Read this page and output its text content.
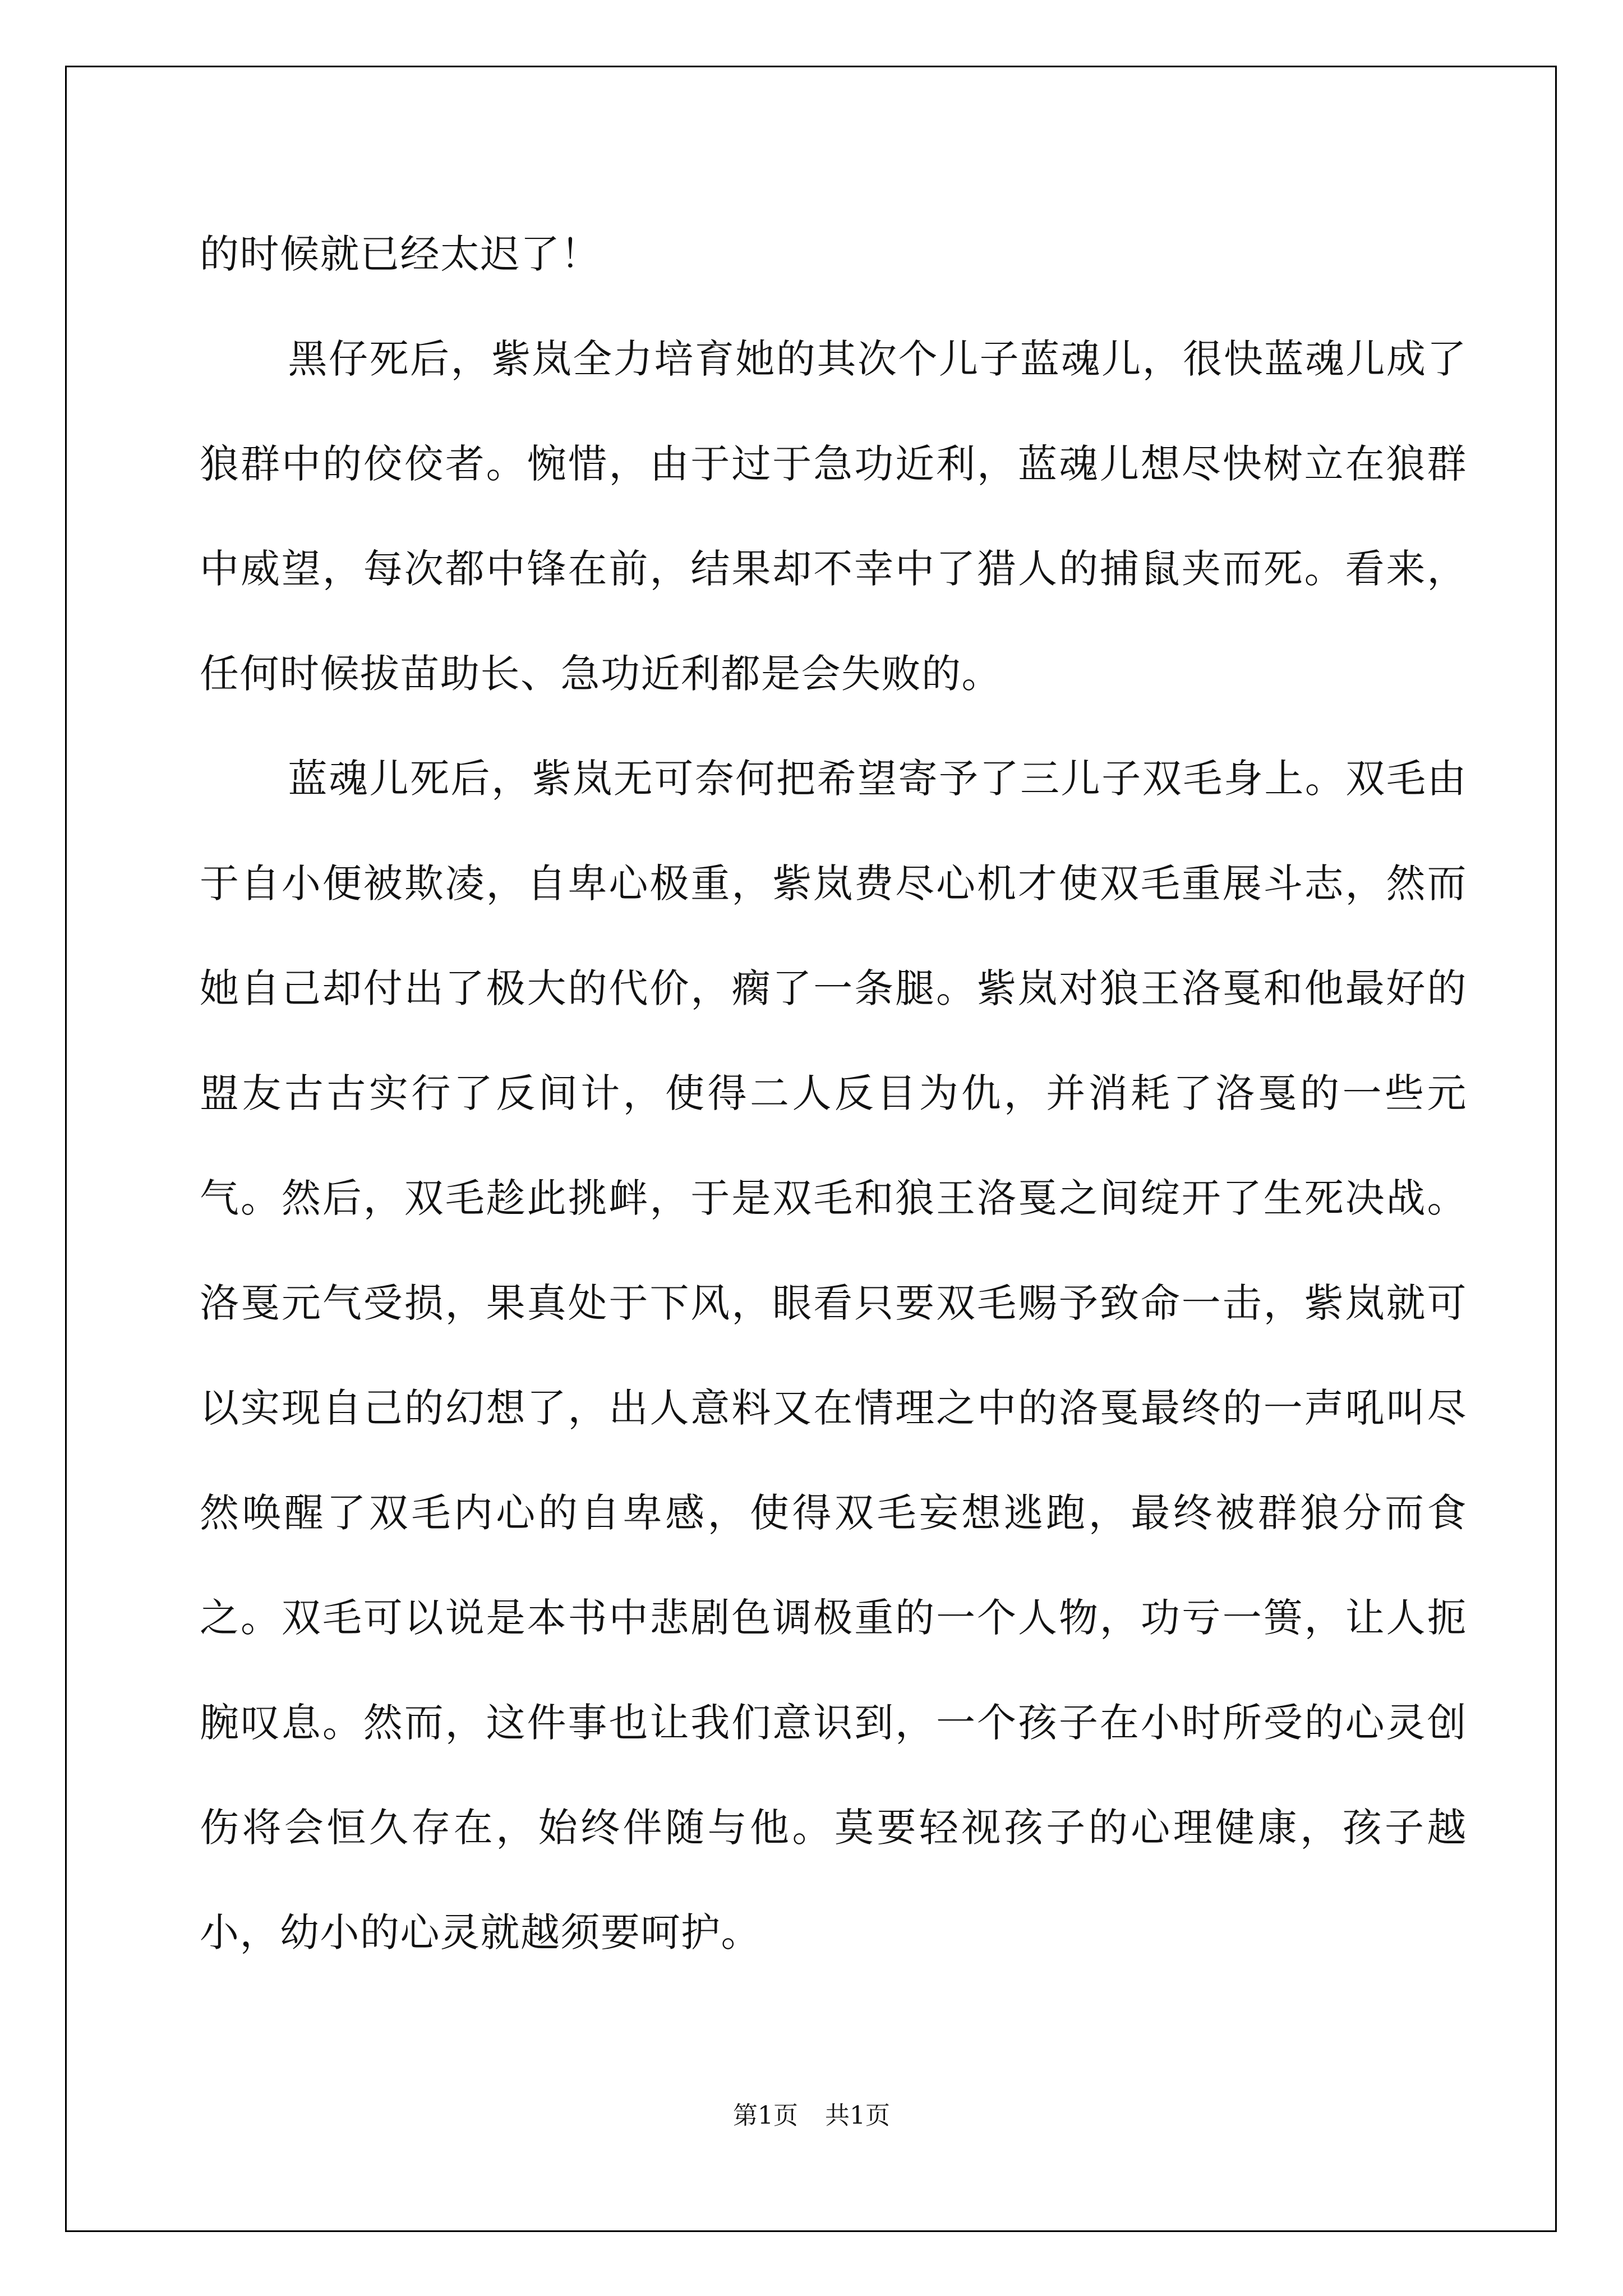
的时候就已经太迟了！

黑仔死后，紫岚全力培育她的其次个儿子蓝魂儿，很快蓝魂儿成了狼群中的佼佼者。惋惜，由于过于急功近利，蓝魂儿想尽快树立在狼群中威望，每次都中锋在前，结果却不幸中了猎人的捕鼠夹而死。看来，任何时候拔苗助长、急功近利都是会失败的。

蓝魂儿死后，紫岚无可奈何把希望寄予了三儿子双毛身上。双毛由于自小便被欺凌，自卑心极重，紫岚费尽心机才使双毛重展斗志，然而她自己却付出了极大的代价，瘸了一条腿。紫岚对狼王洛戛和他最好的盟友古古实行了反间计，使得二人反目为仇，并消耗了洛戛的一些元气。然后，双毛趁此挑衅，于是双毛和狼王洛戛之间绽开了生死决战。洛戛元气受损，果真处于下风，眼看只要双毛赐予致命一击，紫岚就可以实现自己的幻想了，出人意料又在情理之中的洛戛最终的一声吼叫尽然唤醒了双毛内心的自卑感，使得双毛妄想逃跑，最终被群狼分而食之。双毛可以说是本书中悲剧色调极重的一个人物，功亏一篑，让人扼腕叹息。然而，这件事也让我们意识到，一个孩子在小时所受的心灵创伤将会恒久存在，始终伴随与他。莫要轻视孩子的心理健康，孩子越小，幼小的心灵就越须要呵护。

第1页 共1页
